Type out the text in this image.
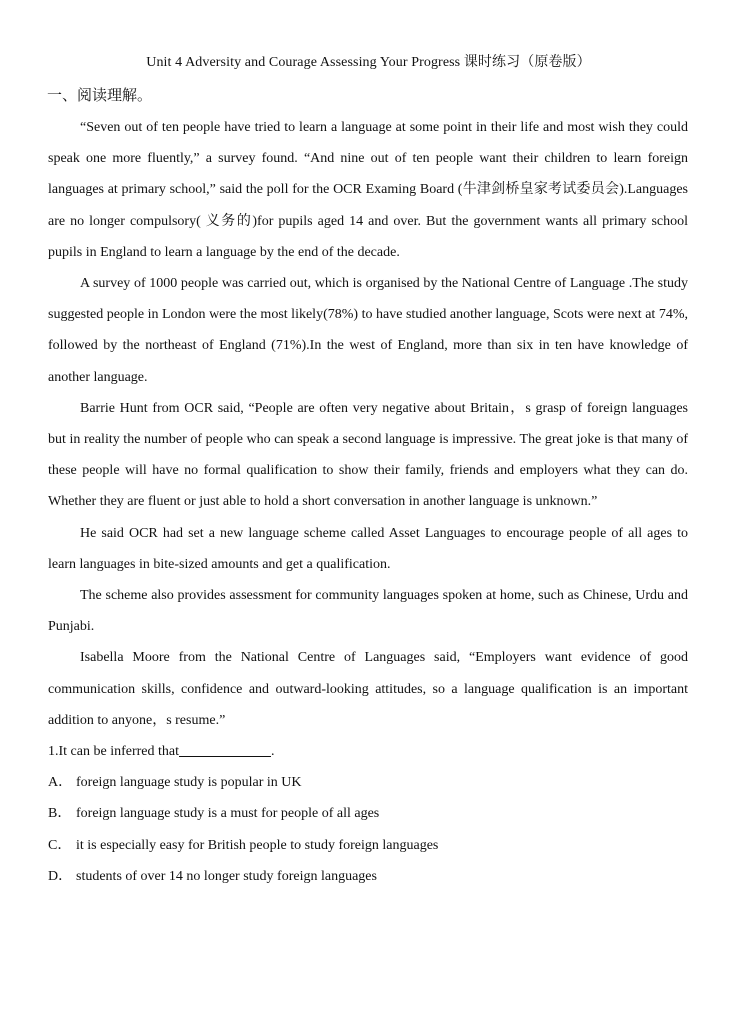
Unit 4 Adversity and Courage Assessing Your Progress 课时练习（原卷版）
一、阅读理解。

“Seven out of ten people have tried to learn a language at some point in their life and most wish they could speak one more fluently,” a survey found. “And nine out of ten people want their children to learn foreign languages at primary school,” said the poll for the OCR Examing Board (牛津剑桥皇家考试委员会).Languages are no longer compulsory( 义务的)for pupils aged 14 and over. But the government wants all primary school pupils in England to learn a language by the end of the decade.

A survey of 1000 people was carried out, which is organised by the National Centre of Language .The study suggested people in London were the most likely(78%) to have studied another language, Scots were next at 74%, followed by the northeast of England (71%).In the west of England, more than six in ten have knowledge of another language.

Barrie Hunt from OCR said, “People are often very negative about Britain，s grasp of foreign languages but in reality the number of people who can speak a second language is impressive. The great joke is that many of these people will have no formal qualification to show their family, friends and employers what they can do. Whether they are fluent or just able to hold a short conversation in another language is unknown.”

He said OCR had set a new language scheme called Asset Languages to encourage people of all ages to learn languages in bite-sized amounts and get a qualification.

The scheme also provides assessment for community languages spoken at home, such as Chinese, Urdu and Punjabi.

Isabella Moore from the National Centre of Languages said, “Employers want evidence of good communication skills, confidence and outward-looking attitudes, so a language qualification is an important addition to anyone，s resume.”

1.It can be inferred that	.

A． foreign language study is popular in UK

B． foreign language study is a must for people of all ages

C． it is especially easy for British people to study foreign languages

D． students of over 14 no longer study foreign languages
